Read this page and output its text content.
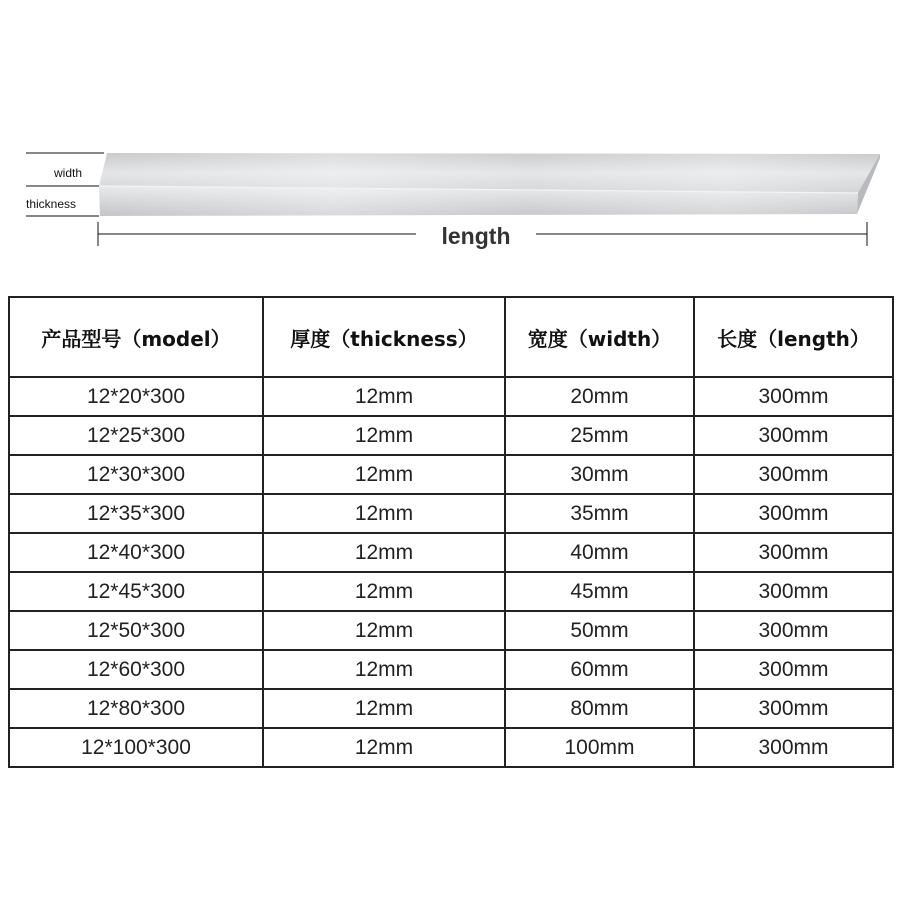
width
thickness
length
产品型号（model）	厚度（thickness）	宽度（width）	长度（length）
12*20*300	12mm	20mm	300mm
12*25*300	12mm	25mm	300mm
12*30*300	12mm	30mm	300mm
12*35*300	12mm	35mm	300mm
12*40*300	12mm	40mm	300mm
12*45*300	12mm	45mm	300mm
12*50*300	12mm	50mm	300mm
12*60*300	12mm	60mm	300mm
12*80*300	12mm	80mm	300mm
12*100*300	12mm	100mm	300mm
